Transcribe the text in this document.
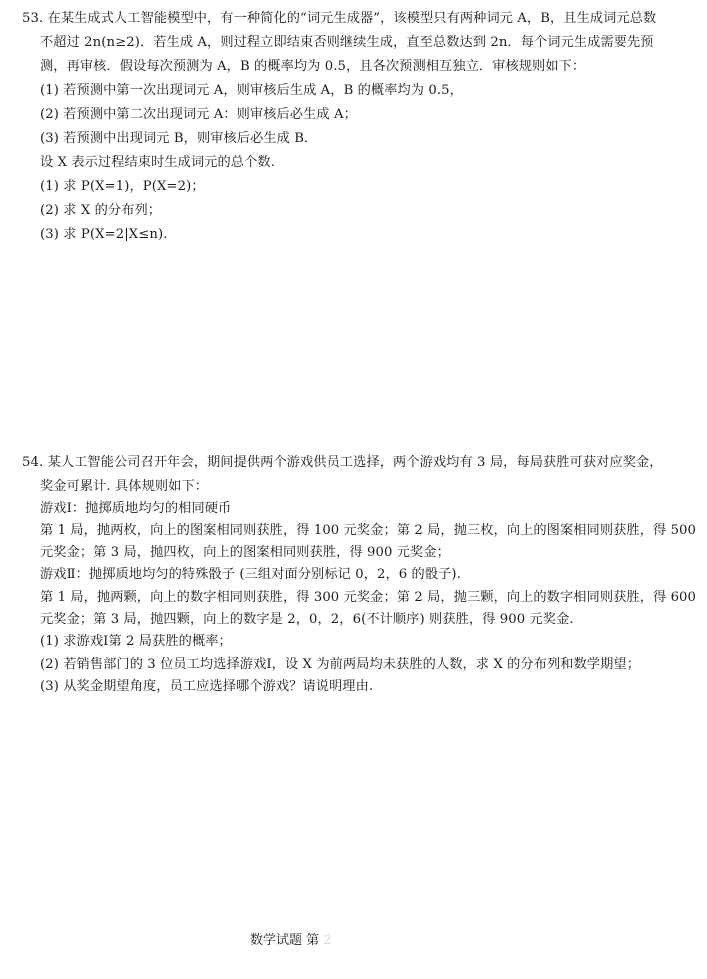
53. 在某生成式人工智能模型中，有一种简化的“词元生成器”，该模型只有两种词元 A，B，且生成词元总数
不超过 2n(n≥2)．若生成 A，则过程立即结束否则继续生成，直至总数达到 2n．每个词元生成需要先预
测，再审核．假设每次预测为 A，B 的概率均为 0.5，且各次预测相互独立．审核规则如下：
(1) 若预测中第一次出现词元 A，则审核后生成 A，B 的概率均为 0.5，
(2) 若预测中第二次出现词元 A：则审核后必生成 A；
(3) 若预测中出现词元 B，则审核后必生成 B．
设 X 表示过程结束时生成词元的总个数.
(1) 求 P(X=1)，P(X=2)；
(2) 求 X 的分布列；
(3) 求 P(X=2|X≤n).
54. 某人工智能公司召开年会，期间提供两个游戏供员工选择，两个游戏均有 3 局，每局获胜可获对应奖金，
奖金可累计. 具体规则如下：
游戏Ⅰ：抛掷质地均匀的相同硬币
第 1 局，抛两枚，向上的图案相同则获胜，得 100 元奖金；第 2 局，抛三枚，向上的图案相同则获胜，得 500
元奖金；第 3 局，抛四枚，向上的图案相同则获胜，得 900 元奖金；
游戏Ⅱ：抛掷质地均匀的特殊骰子 (三组对面分别标记 0，2，6 的骰子).
第 1 局，抛两颗，向上的数字相同则获胜，得 300 元奖金；第 2 局，抛三颗，向上的数字相同则获胜，得 600
元奖金；第 3 局，抛四颗，向上的数字是 2，0，2，6(不计顺序) 则获胜，得 900 元奖金.
(1) 求游戏Ⅰ第 2 局获胜的概率；
(2) 若销售部门的 3 位员工均选择游戏Ⅰ，设 X 为前两局均未获胜的人数，求 X 的分布列和数学期望；
(3) 从奖金期望角度，员工应选择哪个游戏？请说明理由.
数学试题 第 2
